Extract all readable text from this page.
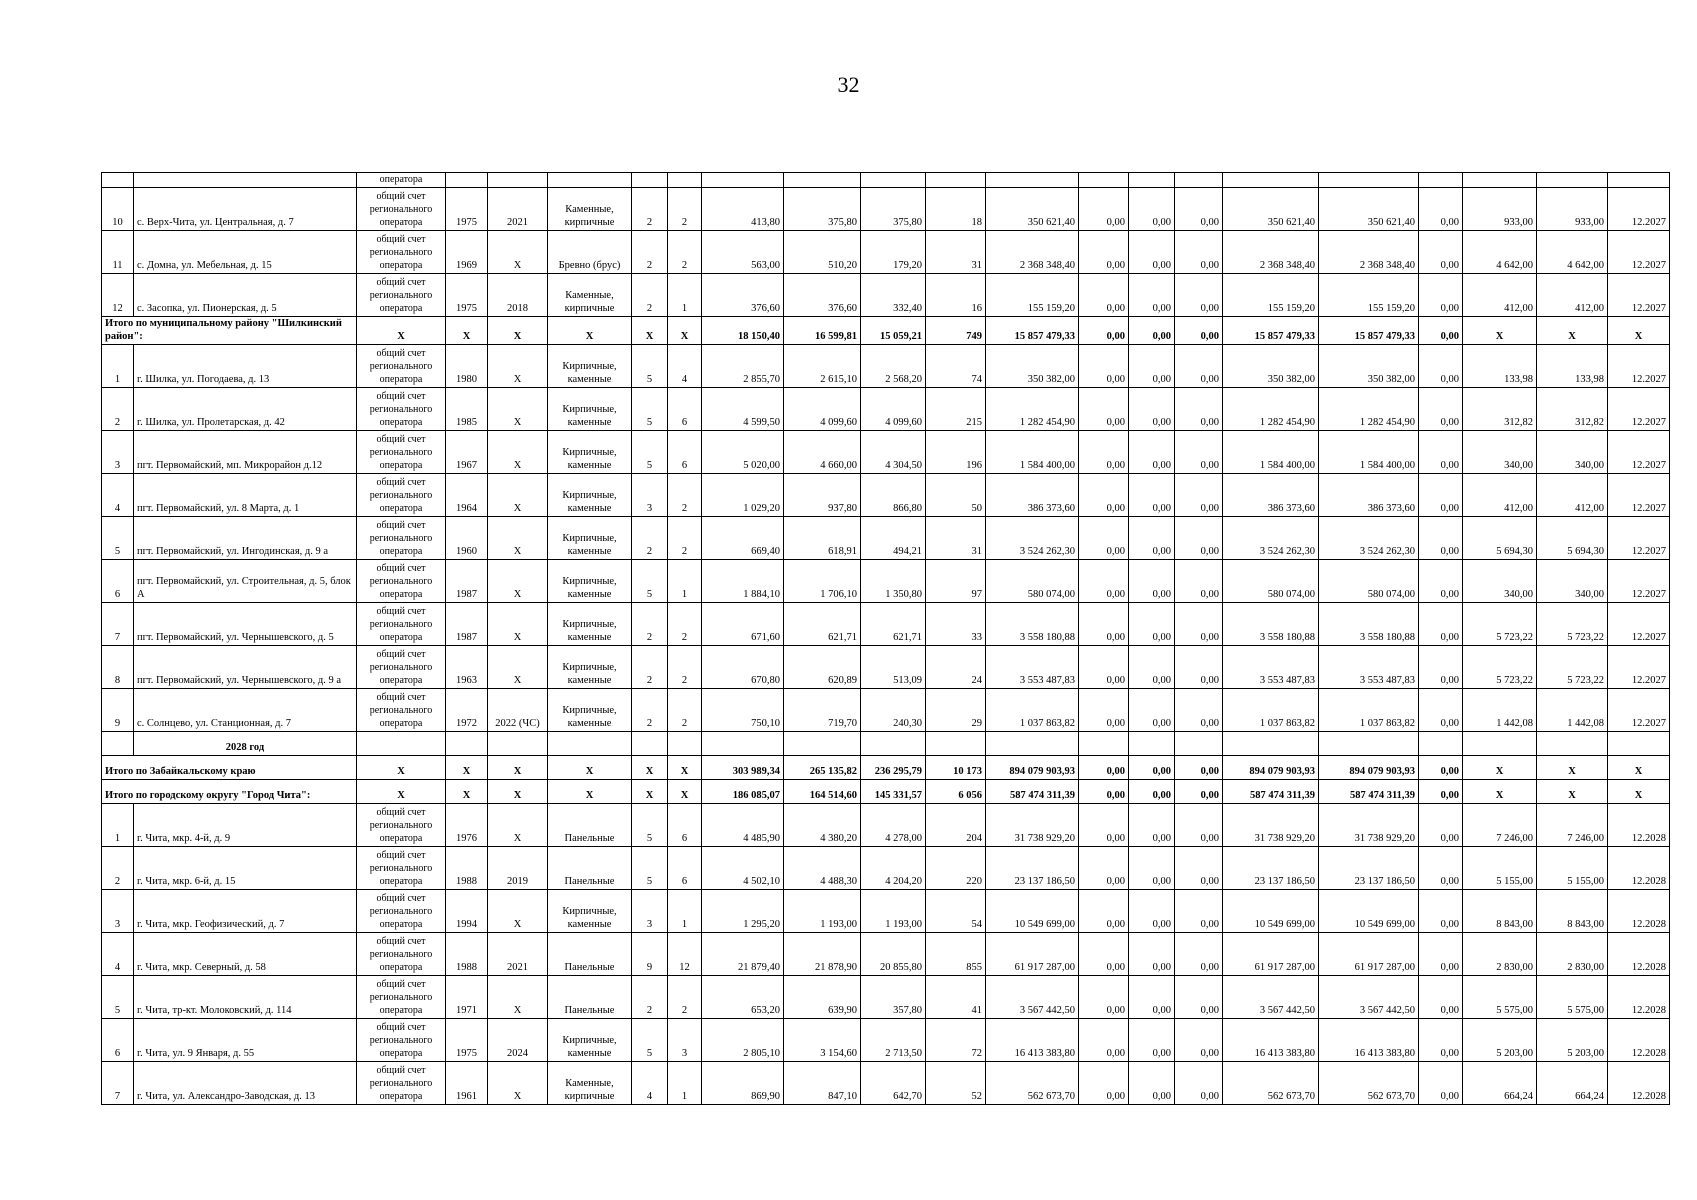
32
		оператора																			
10	с. Верх-Чита, ул. Центральная, д. 7	общий счет регионального оператора	1975	2021	Каменные, кирпичные	2	2	413,80	375,80	375,80	18	350 621,40	0,00	0,00	0,00	350 621,40	350 621,40	0,00	933,00	933,00	12.2027
11	с. Домна, ул. Мебельная, д. 15	общий счет регионального оператора	1969	X	Бревно (брус)	2	2	563,00	510,20	179,20	31	2 368 348,40	0,00	0,00	0,00	2 368 348,40	2 368 348,40	0,00	4 642,00	4 642,00	12.2027
12	с. Засопка, ул. Пионерская, д. 5	общий счет регионального оператора	1975	2018	Каменные, кирпичные	2	1	376,60	376,60	332,40	16	155 159,20	0,00	0,00	0,00	155 159,20	155 159,20	0,00	412,00	412,00	12.2027
Итого по муниципальному району "Шилкинский район":		X	X	X	X	X	X	18 150,40	16 599,81	15 059,21	749	15 857 479,33	0,00	0,00	0,00	15 857 479,33	15 857 479,33	0,00	X	X	X
1	г. Шилка, ул. Погодаева, д. 13	общий счет регионального оператора	1980	X	Кирпичные, каменные	5	4	2 855,70	2 615,10	2 568,20	74	350 382,00	0,00	0,00	0,00	350 382,00	350 382,00	0,00	133,98	133,98	12.2027
2	г. Шилка, ул. Пролетарская, д. 42	общий счет регионального оператора	1985	X	Кирпичные, каменные	5	6	4 599,50	4 099,60	4 099,60	215	1 282 454,90	0,00	0,00	0,00	1 282 454,90	1 282 454,90	0,00	312,82	312,82	12.2027
3	пгт. Первомайский, мп. Микрорайон д.12	общий счет регионального оператора	1967	X	Кирпичные, каменные	5	6	5 020,00	4 660,00	4 304,50	196	1 584 400,00	0,00	0,00	0,00	1 584 400,00	1 584 400,00	0,00	340,00	340,00	12.2027
4	пгт. Первомайский, ул. 8 Марта, д. 1	общий счет регионального оператора	1964	X	Кирпичные, каменные	3	2	1 029,20	937,80	866,80	50	386 373,60	0,00	0,00	0,00	386 373,60	386 373,60	0,00	412,00	412,00	12.2027
5	пгт. Первомайский, ул. Ингодинская, д. 9 а	общий счет регионального оператора	1960	X	Кирпичные, каменные	2	2	669,40	618,91	494,21	31	3 524 262,30	0,00	0,00	0,00	3 524 262,30	3 524 262,30	0,00	5 694,30	5 694,30	12.2027
6	пгт. Первомайский, ул. Строительная, д. 5, блок А	общий счет регионального оператора	1987	X	Кирпичные, каменные	5	1	1 884,10	1 706,10	1 350,80	97	580 074,00	0,00	0,00	0,00	580 074,00	580 074,00	0,00	340,00	340,00	12.2027
7	пгт. Первомайский, ул. Чернышевского, д. 5	общий счет регионального оператора	1987	X	Кирпичные, каменные	2	2	671,60	621,71	621,71	33	3 558 180,88	0,00	0,00	0,00	3 558 180,88	3 558 180,88	0,00	5 723,22	5 723,22	12.2027
8	пгт. Первомайский, ул. Чернышевского, д. 9 а	общий счет регионального оператора	1963	X	Кирпичные, каменные	2	2	670,80	620,89	513,09	24	3 553 487,83	0,00	0,00	0,00	3 553 487,83	3 553 487,83	0,00	5 723,22	5 723,22	12.2027
9	с. Солнцево, ул. Станционная, д. 7	общий счет регионального оператора	1972	2022 (ЧС)	Кирпичные, каменные	2	2	750,10	719,70	240,30	29	1 037 863,82	0,00	0,00	0,00	1 037 863,82	1 037 863,82	0,00	1 442,08	1 442,08	12.2027
	2028 год																				
Итого по Забайкальскому краю		X	X	X	X	X	X	303 989,34	265 135,82	236 295,79	10 173	894 079 903,93	0,00	0,00	0,00	894 079 903,93	894 079 903,93	0,00	X	X	X
Итого по городскому округу "Город Чита":		X	X	X	X	X	X	186 085,07	164 514,60	145 331,57	6 056	587 474 311,39	0,00	0,00	0,00	587 474 311,39	587 474 311,39	0,00	X	X	X
1	г. Чита, мкр. 4-й, д. 9	общий счет регионального оператора	1976	X	Панельные	5	6	4 485,90	4 380,20	4 278,00	204	31 738 929,20	0,00	0,00	0,00	31 738 929,20	31 738 929,20	0,00	7 246,00	7 246,00	12.2028
2	г. Чита, мкр. 6-й, д. 15	общий счет регионального оператора	1988	2019	Панельные	5	6	4 502,10	4 488,30	4 204,20	220	23 137 186,50	0,00	0,00	0,00	23 137 186,50	23 137 186,50	0,00	5 155,00	5 155,00	12.2028
3	г. Чита, мкр. Геофизический, д. 7	общий счет регионального оператора	1994	X	Кирпичные, каменные	3	1	1 295,20	1 193,00	1 193,00	54	10 549 699,00	0,00	0,00	0,00	10 549 699,00	10 549 699,00	0,00	8 843,00	8 843,00	12.2028
4	г. Чита, мкр. Северный, д. 58	общий счет регионального оператора	1988	2021	Панельные	9	12	21 879,40	21 878,90	20 855,80	855	61 917 287,00	0,00	0,00	0,00	61 917 287,00	61 917 287,00	0,00	2 830,00	2 830,00	12.2028
5	г. Чита, тр-кт. Молоковский, д. 114	общий счет регионального оператора	1971	X	Панельные	2	2	653,20	639,90	357,80	41	3 567 442,50	0,00	0,00	0,00	3 567 442,50	3 567 442,50	0,00	5 575,00	5 575,00	12.2028
6	г. Чита, ул. 9 Января, д. 55	общий счет регионального оператора	1975	2024	Кирпичные, каменные	5	3	2 805,10	3 154,60	2 713,50	72	16 413 383,80	0,00	0,00	0,00	16 413 383,80	16 413 383,80	0,00	5 203,00	5 203,00	12.2028
7	г. Чита, ул. Александро-Заводская, д. 13	общий счет регионального оператора	1961	X	Каменные, кирпичные	4	1	869,90	847,10	642,70	52	562 673,70	0,00	0,00	0,00	562 673,70	562 673,70	0,00	664,24	664,24	12.2028
